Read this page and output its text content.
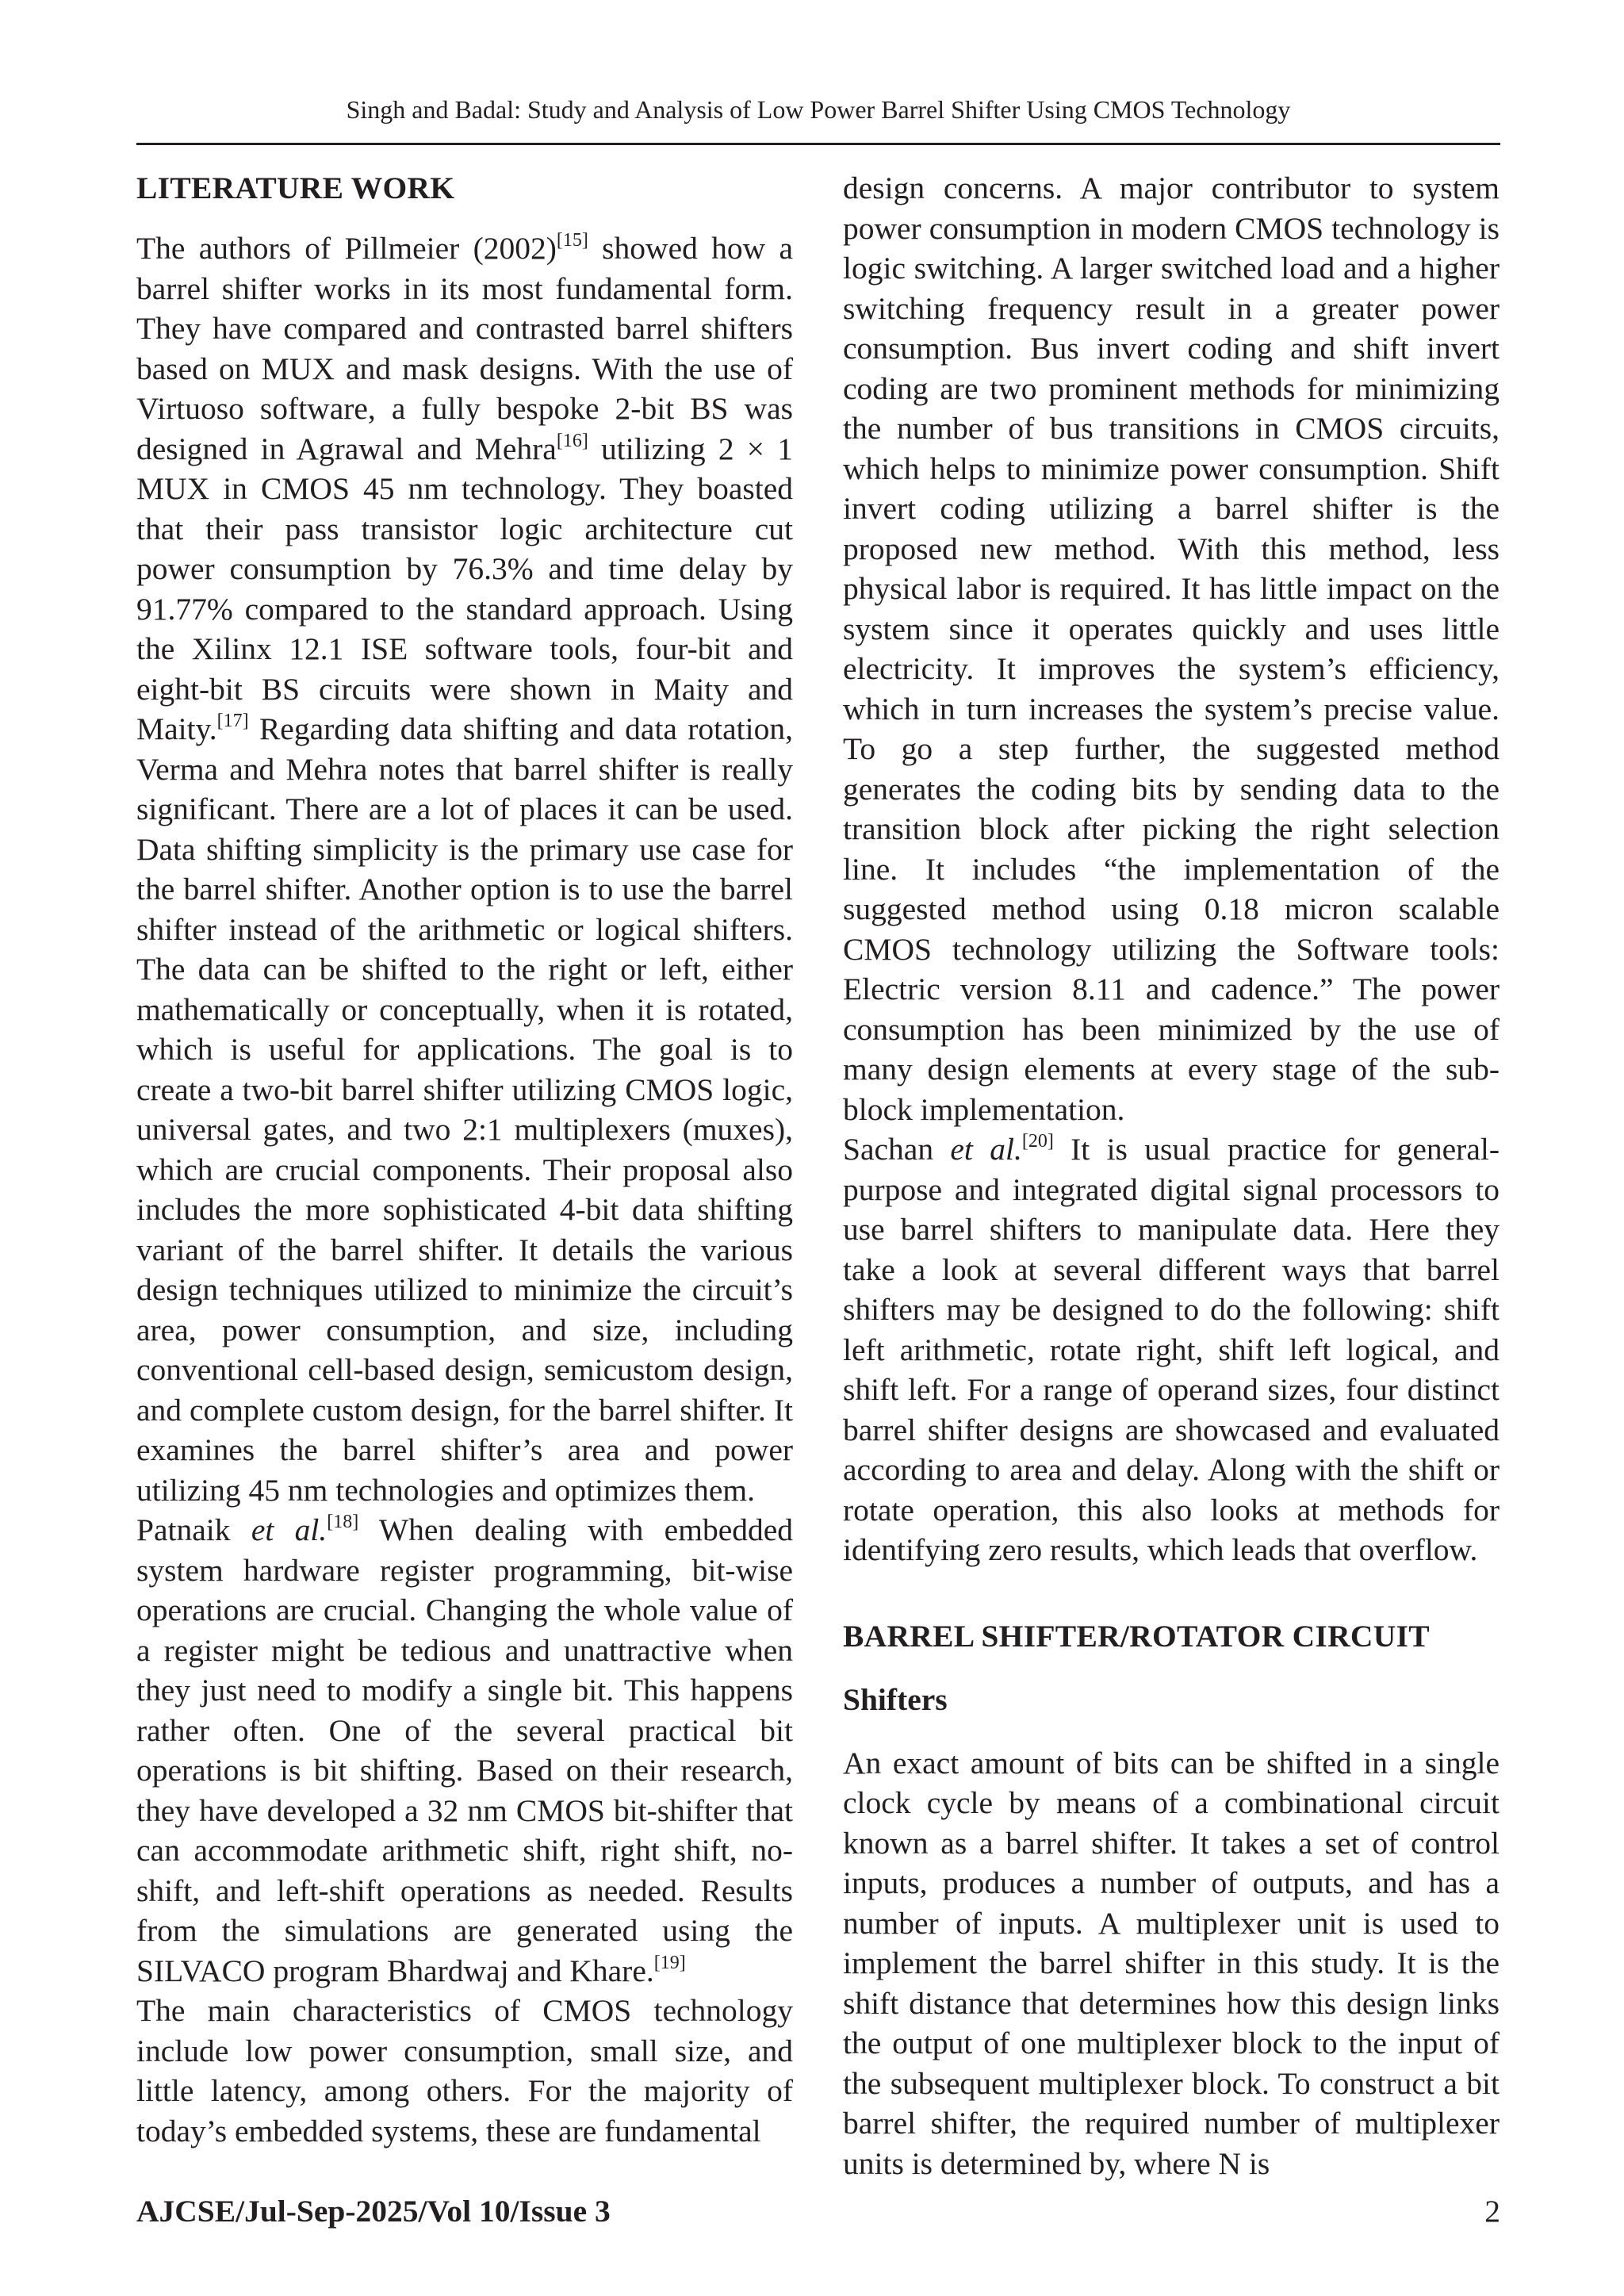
Singh and Badal: Study and Analysis of Low Power Barrel Shifter Using CMOS Technology
LITERATURE WORK

The authors of Pillmeier (2002)[15] showed how a barrel shifter works in its most fundamental form. They have compared and contrasted barrel shifters based on MUX and mask designs. With the use of Virtuoso software, a fully bespoke 2-bit BS was designed in Agrawal and Mehra[16] utilizing 2 × 1 MUX in CMOS 45 nm technology. They boasted that their pass transistor logic architecture cut power consumption by 76.3% and time delay by 91.77% compared to the standard approach. Using the Xilinx 12.1 ISE software tools, four-bit and eight-bit BS circuits were shown in Maity and Maity.[17] Regarding data shifting and data rotation, Verma and Mehra notes that barrel shifter is really significant. There are a lot of places it can be used. Data shifting simplicity is the primary use case for the barrel shifter. Another option is to use the barrel shifter instead of the arithmetic or logical shifters. The data can be shifted to the right or left, either mathematically or conceptually, when it is rotated, which is useful for applications. The goal is to create a two-bit barrel shifter utilizing CMOS logic, universal gates, and two 2:1 multiplexers (muxes), which are crucial components. Their proposal also includes the more sophisticated 4-bit data shifting variant of the barrel shifter. It details the various design techniques utilized to minimize the circuit’s area, power consumption, and size, including conventional cell-based design, semicustom design, and complete custom design, for the barrel shifter. It examines the barrel shifter’s area and power utilizing 45 nm technologies and optimizes them.

Patnaik et al.[18] When dealing with embedded system hardware register programming, bit-wise operations are crucial. Changing the whole value of a register might be tedious and unattractive when they just need to modify a single bit. This happens rather often. One of the several practical bit operations is bit shifting. Based on their research, they have developed a 32 nm CMOS bit-shifter that can accommodate arithmetic shift, right shift, no-shift, and left-shift operations as needed. Results from the simulations are generated using the SILVACO program Bhardwaj and Khare.[19]

The main characteristics of CMOS technology include low power consumption, small size, and little latency, among others. For the majority of today’s embedded systems, these are fundamental

design concerns. A major contributor to system power consumption in modern CMOS technology is logic switching. A larger switched load and a higher switching frequency result in a greater power consumption. Bus invert coding and shift invert coding are two prominent methods for minimizing the number of bus transitions in CMOS circuits, which helps to minimize power consumption. Shift invert coding utilizing a barrel shifter is the proposed new method. With this method, less physical labor is required. It has little impact on the system since it operates quickly and uses little electricity. It improves the system’s efficiency, which in turn increases the system’s precise value. To go a step further, the suggested method generates the coding bits by sending data to the transition block after picking the right selection line. It includes “the implementation of the suggested method using 0.18 micron scalable CMOS technology utilizing the Software tools: Electric version 8.11 and cadence.” The power consumption has been minimized by the use of many design elements at every stage of the sub-block implementation.

Sachan et al.[20] It is usual practice for general-purpose and integrated digital signal processors to use barrel shifters to manipulate data. Here they take a look at several different ways that barrel shifters may be designed to do the following: shift left arithmetic, rotate right, shift left logical, and shift left. For a range of operand sizes, four distinct barrel shifter designs are showcased and evaluated according to area and delay. Along with the shift or rotate operation, this also looks at methods for identifying zero results, which leads that overflow.

BARREL SHIFTER/ROTATOR CIRCUIT
Shifters

An exact amount of bits can be shifted in a single clock cycle by means of a combinational circuit known as a barrel shifter. It takes a set of control inputs, produces a number of outputs, and has a number of inputs. A multiplexer unit is used to implement the barrel shifter in this study. It is the shift distance that determines how this design links the output of one multiplexer block to the input of the subsequent multiplexer block. To construct a bit barrel shifter, the required number of multiplexer units is determined by, where N is

AJCSE/Jul-Sep-2025/Vol 10/Issue 3	2
